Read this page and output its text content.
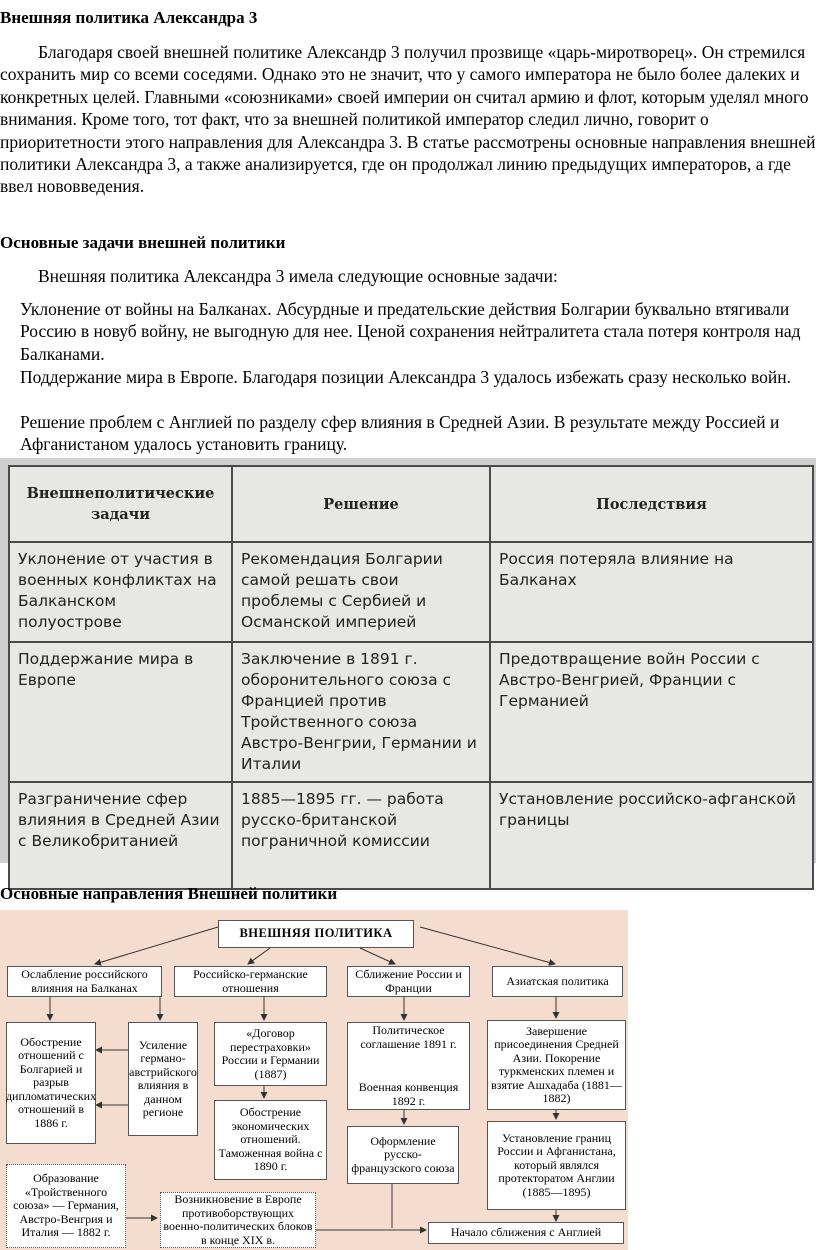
Внешняя политика Александра 3
Благодаря своей внешней политике Александр 3 получил прозвище «царь-миротворец». Он стремился сохранить мир со всеми соседями. Однако это не значит, что у самого императора не было более далеких и конкретных целей. Главными «союзниками» своей империи он считал армию и флот, которым уделял много внимания. Кроме того, тот факт, что за внешней политикой император следил лично, говорит о приоритетности этого направления для Александра 3. В статье рассмотрены основные направления внешней политики Александра 3, а также анализируется, где он продолжал линию предыдущих императоров, а где ввел нововведения.
Основные задачи внешней политики
Внешняя политика Александра 3 имела следующие основные задачи:
Уклонение от войны на Балканах. Абсурдные и предательские действия Болгарии буквально втягивали Россию в новуб войну, не выгодную для нее. Ценой сохранения нейтралитета стала потеря контроля над Балканами.
Поддержание мира в Европе. Благодаря позиции Александра 3 удалось избежать сразу несколько войн.
Решение проблем с Англией по разделу сфер влияния в Средней Азии. В результате между Россией и Афганистаном удалось установить границу.
Внешнеполитические задачи	Решение	Последствия
Уклонение от участия в военных конфликтах на Балканском полуострове	Рекомендация Болгарии самой решать свои проблемы с Сербией и Османской империей	Россия потеряла влияние на Балканах
Поддержание мира в Европе	Заключение в 1891 г. оборонительного союза с Францией против Тройственного союза Австро-Венгрии, Германии и Италии	Предотвращение войн России с Австро-Венгрией, Франции с Германией
Разграничение сфер влияния в Средней Азии с Великобританией	1885—1895 гг. — работа русско-британской пограничной комиссии	Установление российско-афганской границы
Основные направления Внешней политики
ВНЕШНЯЯ ПОЛИТИКА
Ослабление российского влияния на Балканах
Российско-германские отношения
Сближение России и Франции	Азиатская политика
Обострение отношений с Болгарией и разрыв дипломатических отношений в 1886 г.
Усиление германо-австрийского влияния в данном регионе
«Договор перестраховки» России и Германии (1887)
Обострение экономических отношений. Таможенная война с 1890 г.
Политическое соглашение 1891 г.
Военная конвенция 1892 г.
Оформление русско-французского союза
Завершение присоединения Средней Азии. Покорение туркменских племен и взятие Ашхадаба (1881—1882)
Установление границ России и Афганистана, который являлся протекторатом Англии (1885—1895)
Образование «Тройственного союза» — Германия, Австро-Венгрия и Италия — 1882 г.
Возникновение в Европе противоборствующих военно-политических блоков в конце XIX в.
Начало сближения с Англией
